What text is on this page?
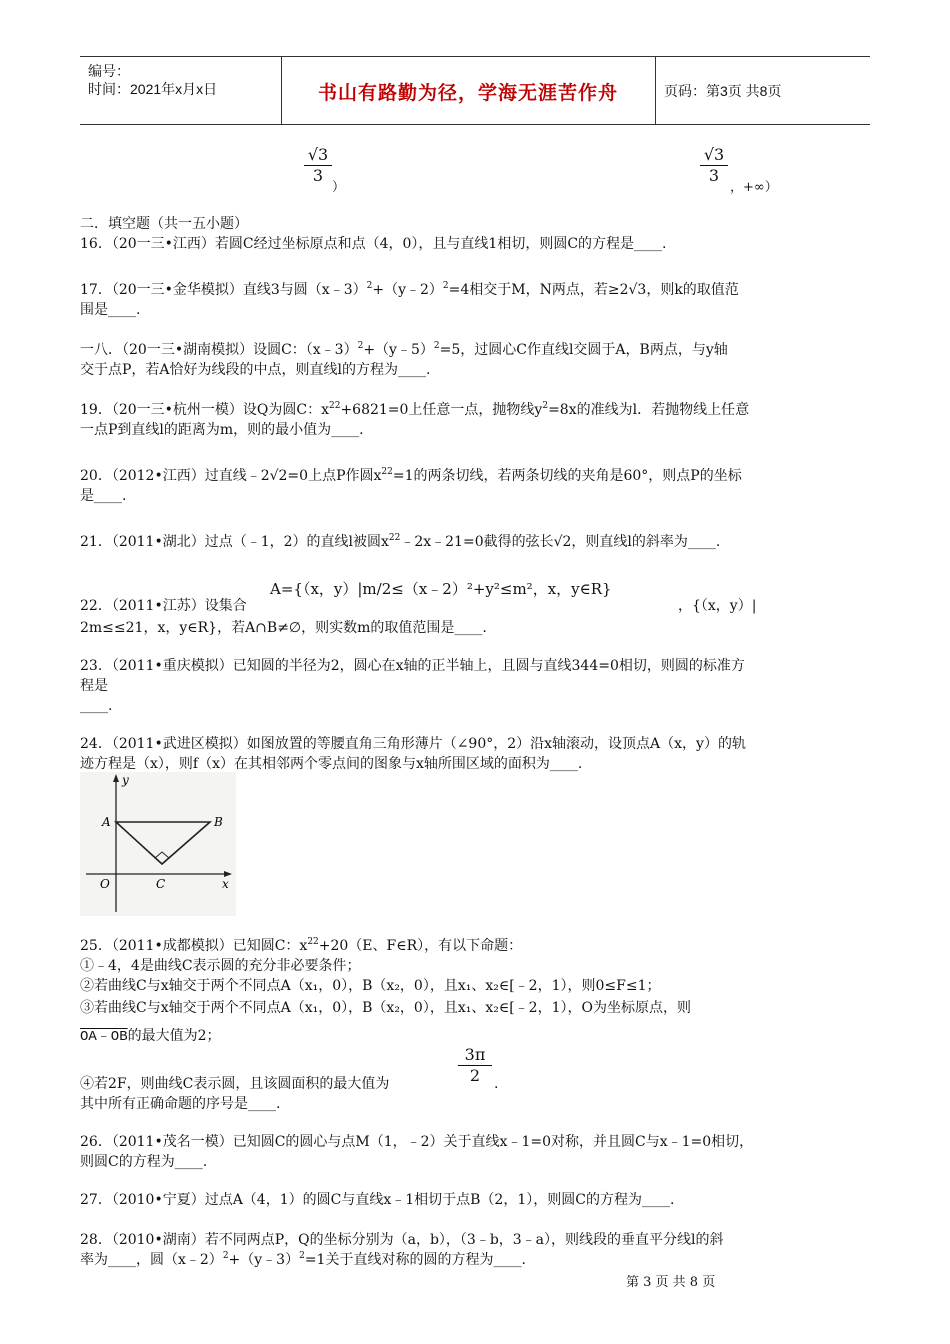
编号：
时间：2021年x月x日	书山有路勤为径，学海无涯苦作舟	页码：第3页 共8页
√3
3
）
√3
3
，+∞）
二．填空题（共一五小题）
16．（20一三•江西）若圆C经过坐标原点和点（4，0），且与直线1相切，则圆C的方程是____.
17．（20一三•金华模拟）直线3与圆（x﹣3）$^2$+（y﹣2）$^2$=4相交于M，N两点，若≥2√3，则k的取值范
围是____.
一八．（20一三•湖南模拟）设圆C：（x﹣3）$^2$+（y﹣5）$^2$=5，过圆心C作直线l交圆于A，B两点，与y轴
交于点P，若A恰好为线段的中点，则直线l的方程为____.
19．（20一三•杭州一模）设Q为圆C：$x^{22}+6821=0$上任意一点，抛物线$y^2=8x$的准线为l．若抛物线上任意
一点P到直线l的距离为m，则的最小值为____.
20．（2012•江西）过直线﹣2√2=0上点P作圆$x^{22}=1$的两条切线，若两条切线的夹角是60°，则点P的坐标
是____.
21．（2011•湖北）过点（﹣1，2）的直线l被圆$x^{22}﹣2x﹣21=0$截得的弦长√2，则直线l的斜率为____.
A={（x，y）|m/2≤（x﹣2）²+y²≤m²，x，y∈R}
22．（2011•江苏）设集合	，{（x，y）|
2m≤≤21，x，y∈R}，若A∩B≠∅，则实数m的取值范围是____.
23．（2011•重庆模拟）已知圆的半径为2，圆心在x轴的正半轴上，且圆与直线344=0相切，则圆的标准方
程是
____.
24．（2011•武进区模拟）如图放置的等腰直角三角形薄片（∠90°，2）沿x轴滚动，设顶点A（x，y）的轨
迹方程是（x），则f（x）在其相邻两个零点间的图象与x轴所围区域的面积为____.
y
x
A	B
C
O
25．（2011•成都模拟）已知圆C：$x^{22}+20(E$、F∈R），有以下命题：
①﹣4，4是曲线C表示圆的充分非必要条件；
②若曲线C与x轴交于两个不同点A（x₁，0），B（x₂，0），且x₁、x₂∈[﹣2，1），则0≤F≤1；
③若曲线C与x轴交于两个不同点A（x₁，0），B（x₂，0），且x₁、x₂∈[﹣2，1），O为坐标原点，则
OA﹣OB的最大值为2；
3π
2
④若2F，则曲线C表示圆，且该圆面积的最大值为	.
其中所有正确命题的序号是____.
26．（2011•茂名一模）已知圆C的圆心与点M（1，﹣2）关于直线x﹣1=0对称，并且圆C与x﹣1=0相切，
则圆C的方程为____.
27．（2010•宁夏）过点A（4，1）的圆C与直线x﹣1相切于点B（2，1），则圆C的方程为____.
28．（2010•湖南）若不同两点P，Q的坐标分别为（a，b），（3﹣b，3﹣a），则线段的垂直平分线l的斜
率为____，圆（x﹣2）$^2$+（y﹣3）$^2$=1关于直线对称的圆的方程为____.
第 3 页 共 8 页
